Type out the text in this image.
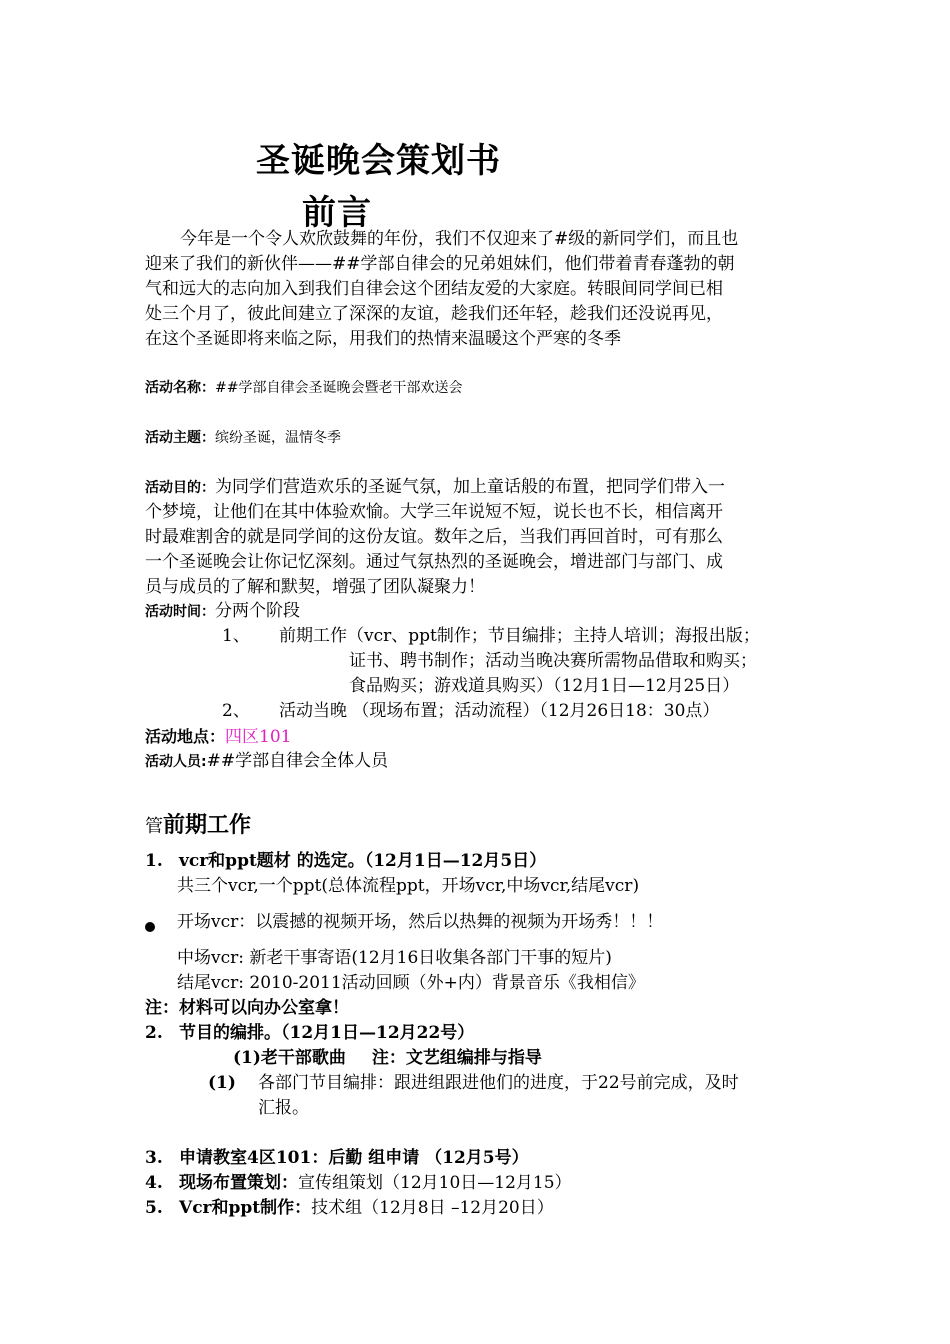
圣诞晚会策划书
前言
今年是一个令人欢欣鼓舞的年份，我们不仅迎来了#级的新同学们，而且也
迎来了我们的新伙伴——##学部自律会的兄弟姐妹们，他们带着青春蓬勃的朝
气和远大的志向加入到我们自律会这个团结友爱的大家庭。转眼间同学间已相
处三个月了，彼此间建立了深深的友谊，趁我们还年轻，趁我们还没说再见，
在这个圣诞即将来临之际，用我们的热情来温暖这个严寒的冬季
活动名称：##学部自律会圣诞晚会暨老干部欢送会
活动主题：缤纷圣诞，温情冬季
活动目的：为同学们营造欢乐的圣诞气氛，加上童话般的布置，把同学们带入一
个梦境，让他们在其中体验欢愉。大学三年说短不短，说长也不长，相信离开
时最难割舍的就是同学间的这份友谊。数年之后，当我们再回首时，可有那么
一个圣诞晚会让你记忆深刻。通过气氛热烈的圣诞晚会，增进部门与部门、成
员与成员的了解和默契，增强了团队凝聚力！
活动时间：分两个阶段
1、 前期工作（vcr、ppt制作；节目编排；主持人培训；海报出版；
证书、聘书制作；活动当晚决赛所需物品借取和购买；
食品购买；游戏道具购买）（12月1日—12月25日）
2、 活动当晚 （现场布置；活动流程）（12月26日18：30点）
活动地点：四区101
活动人员:##学部自律会全体人员
管前期工作
1. vcr和ppt题材 的选定。（12月1日—12月5日）
共三个vcr,一个ppt(总体流程ppt，开场vcr,中场vcr,结尾vcr)
开场vcr：以震撼的视频开场，然后以热舞的视频为开场秀！！！
中场vcr: 新老干事寄语(12月16日收集各部门干事的短片)
结尾vcr: 2010-2011活动回顾（外+内）背景音乐《我相信》
注：材料可以向办公室拿！
2. 节目的编排。（12月1日—12月22号）
(1)老干部歌曲 注：文艺组编排与指导
(1) 各部门节目编排：跟进组跟进他们的进度，于22号前完成，及时
汇报。
3. 申请教室4区101：后勤 组申请 （12月5号）
4. 现场布置策划：宣传组策划（12月10日—12月15）
5. Vcr和ppt制作：技术组（12月8日 –12月20日）
